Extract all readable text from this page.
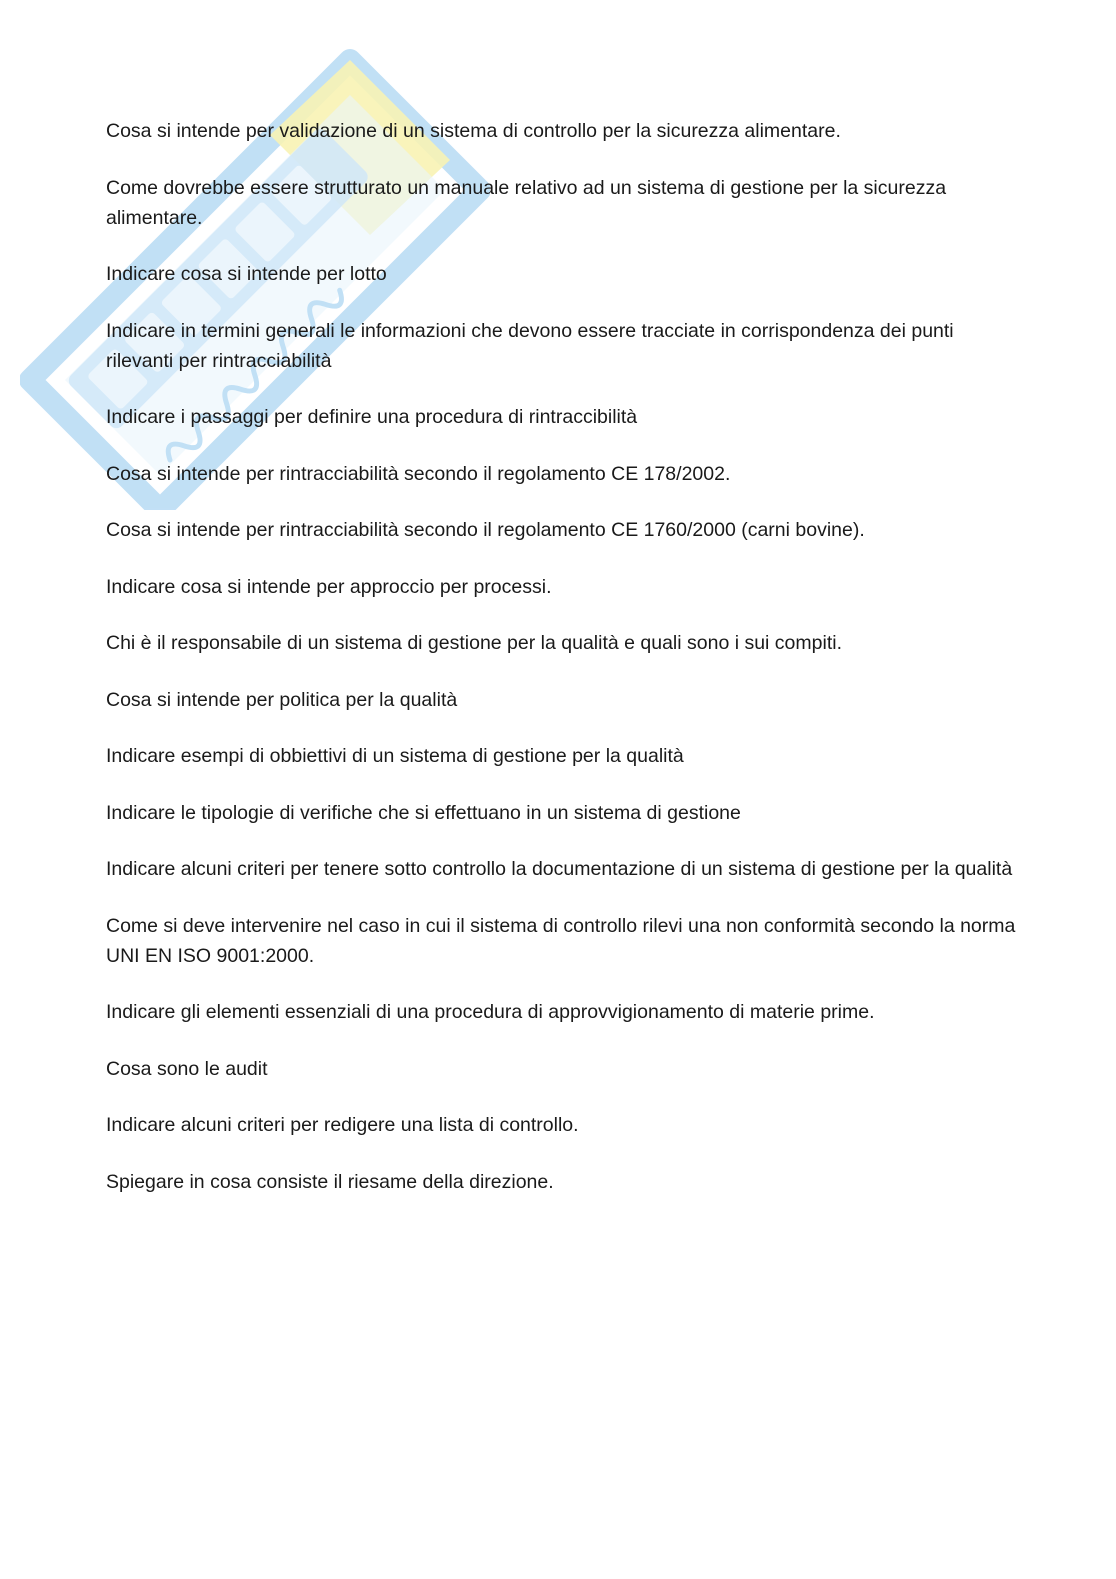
Cosa si intende per validazione di un sistema di controllo per la sicurezza alimentare.
Come dovrebbe essere strutturato un manuale relativo ad un sistema di gestione per la sicurezza alimentare.
Indicare cosa si intende per lotto
Indicare in termini generali le informazioni che devono essere tracciate in corrispondenza dei punti rilevanti per rintracciabilità
Indicare i passaggi per definire una procedura di rintraccibilità
Cosa si intende per rintracciabilità secondo il regolamento CE 178/2002.
Cosa si intende per rintracciabilità secondo il regolamento CE 1760/2000 (carni bovine).
Indicare cosa si intende per approccio per processi.
Chi è il responsabile di un sistema di gestione per la qualità e quali sono i sui compiti.
Cosa si intende per politica per la qualità
Indicare esempi di obbiettivi di un sistema di gestione per la qualità
Indicare le tipologie di verifiche che si effettuano in un sistema di gestione
Indicare alcuni criteri per tenere sotto controllo la documentazione di un sistema di gestione per la qualità
Come si deve intervenire nel caso in cui il sistema di controllo rilevi una non conformità secondo la norma UNI EN ISO 9001:2000.
Indicare gli elementi essenziali di una procedura di approvvigionamento di materie prime.
Cosa sono le audit
Indicare alcuni criteri per redigere una lista di controllo.
Spiegare in cosa consiste il riesame della direzione.
